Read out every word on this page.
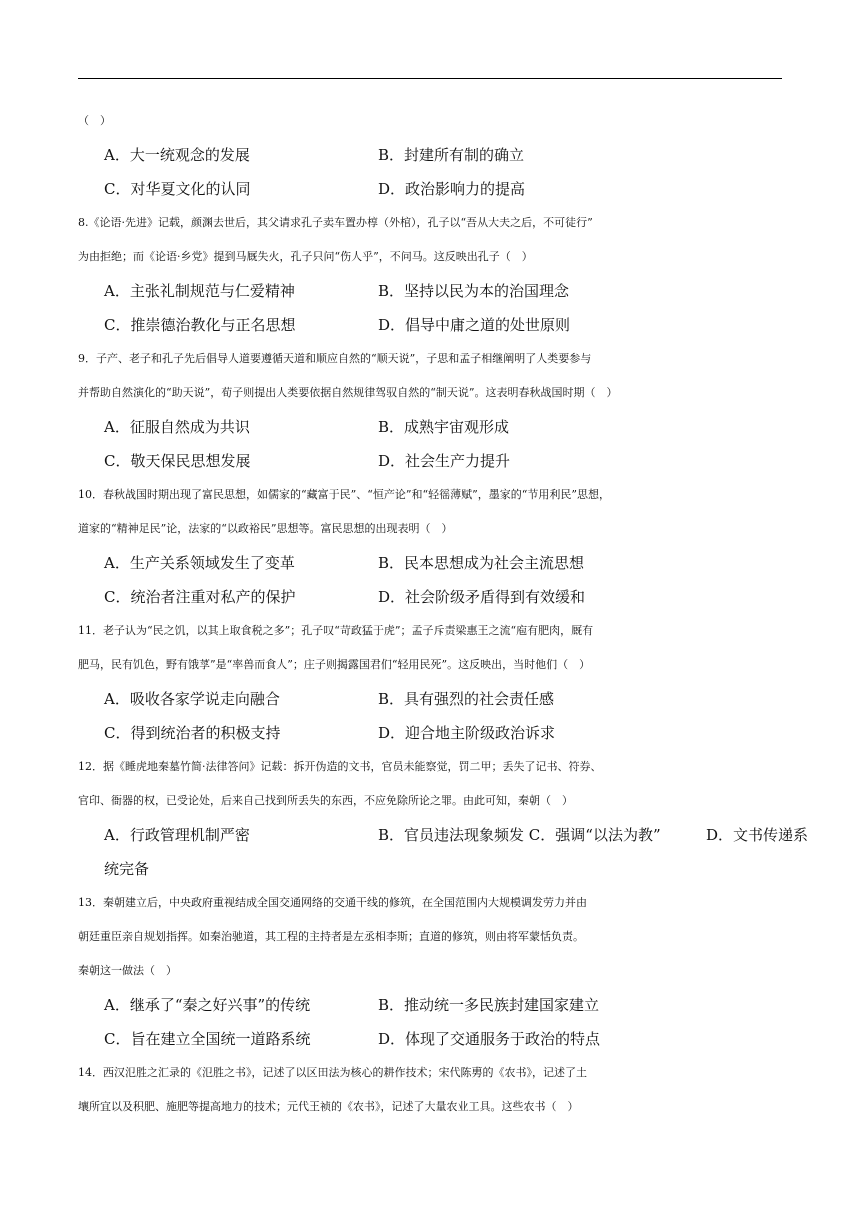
（　）
A．大一统观念的发展	B．封建所有制的确立
C．对华夏文化的认同	D．政治影响力的提高
8.《论语·先进》记载，颜渊去世后，其父请求孔子卖车置办椁（外棺），孔子以“吾从大夫之后，不可徒行”
为由拒绝；而《论语·乡党》提到马厩失火，孔子只问“伤人乎”，不问马。这反映出孔子（　）
A．主张礼制规范与仁爱精神	B．坚持以民为本的治国理念
C．推崇德治教化与正名思想	D．倡导中庸之道的处世原则
9．子产、老子和孔子先后倡导人道要遵循天道和顺应自然的“顺天说”，子思和孟子相继阐明了人类要参与
并帮助自然演化的“助天说”，荀子则提出人类要依据自然规律驾驭自然的“制天说”。这表明春秋战国时期（　）
A．征服自然成为共识	B．成熟宇宙观形成
C．敬天保民思想发展	D．社会生产力提升
10．春秋战国时期出现了富民思想，如儒家的“藏富于民”、“恒产论”和“轻徭薄赋”，墨家的“节用利民”思想，
道家的“精神足民”论，法家的“以政裕民”思想等。富民思想的出现表明（　）
A．生产关系领域发生了变革	B．民本思想成为社会主流思想
C．统治者注重对私产的保护	D．社会阶级矛盾得到有效缓和
11．老子认为“民之饥，以其上取食税之多”；孔子叹“苛政猛于虎”；孟子斥责梁惠王之流“庖有肥肉，厩有
肥马，民有饥色，野有饿莩”是“率兽而食人”；庄子则揭露国君们“轻用民死”。这反映出，当时他们（　）
A．吸收各家学说走向融合	B．具有强烈的社会责任感
C．得到统治者的积极支持	D．迎合地主阶级政治诉求
12．据《睡虎地秦墓竹简·法律答问》记载：拆开伪造的文书，官员未能察觉，罚二甲；丢失了记书、符券、
官印、衙器的权，已受论处，后来自己找到所丢失的东西，不应免除所论之罪。由此可知，秦朝（　）
A．行政管理机制严密	B．官员违法现象频发 C．强调“以法为教”	D．文书传递系
统完备
13．秦朝建立后，中央政府重视结成全国交通网络的交通干线的修筑，在全国范围内大规模调发劳力并由
朝廷重臣亲自规划指挥。如秦治驰道，其工程的主持者是左丞相李斯；直道的修筑，则由将军蒙恬负责。
秦朝这一做法（　）
A．继承了“秦之好兴事”的传统	B．推动统一多民族封建国家建立
C．旨在建立全国统一道路系统	D．体现了交通服务于政治的特点
14．西汉氾胜之汇录的《氾胜之书》，记述了以区田法为核心的耕作技术；宋代陈旉的《农书》，记述了土
壤所宜以及积肥、施肥等提高地力的技术；元代王祯的《农书》，记述了大量农业工具。这些农书（　）
